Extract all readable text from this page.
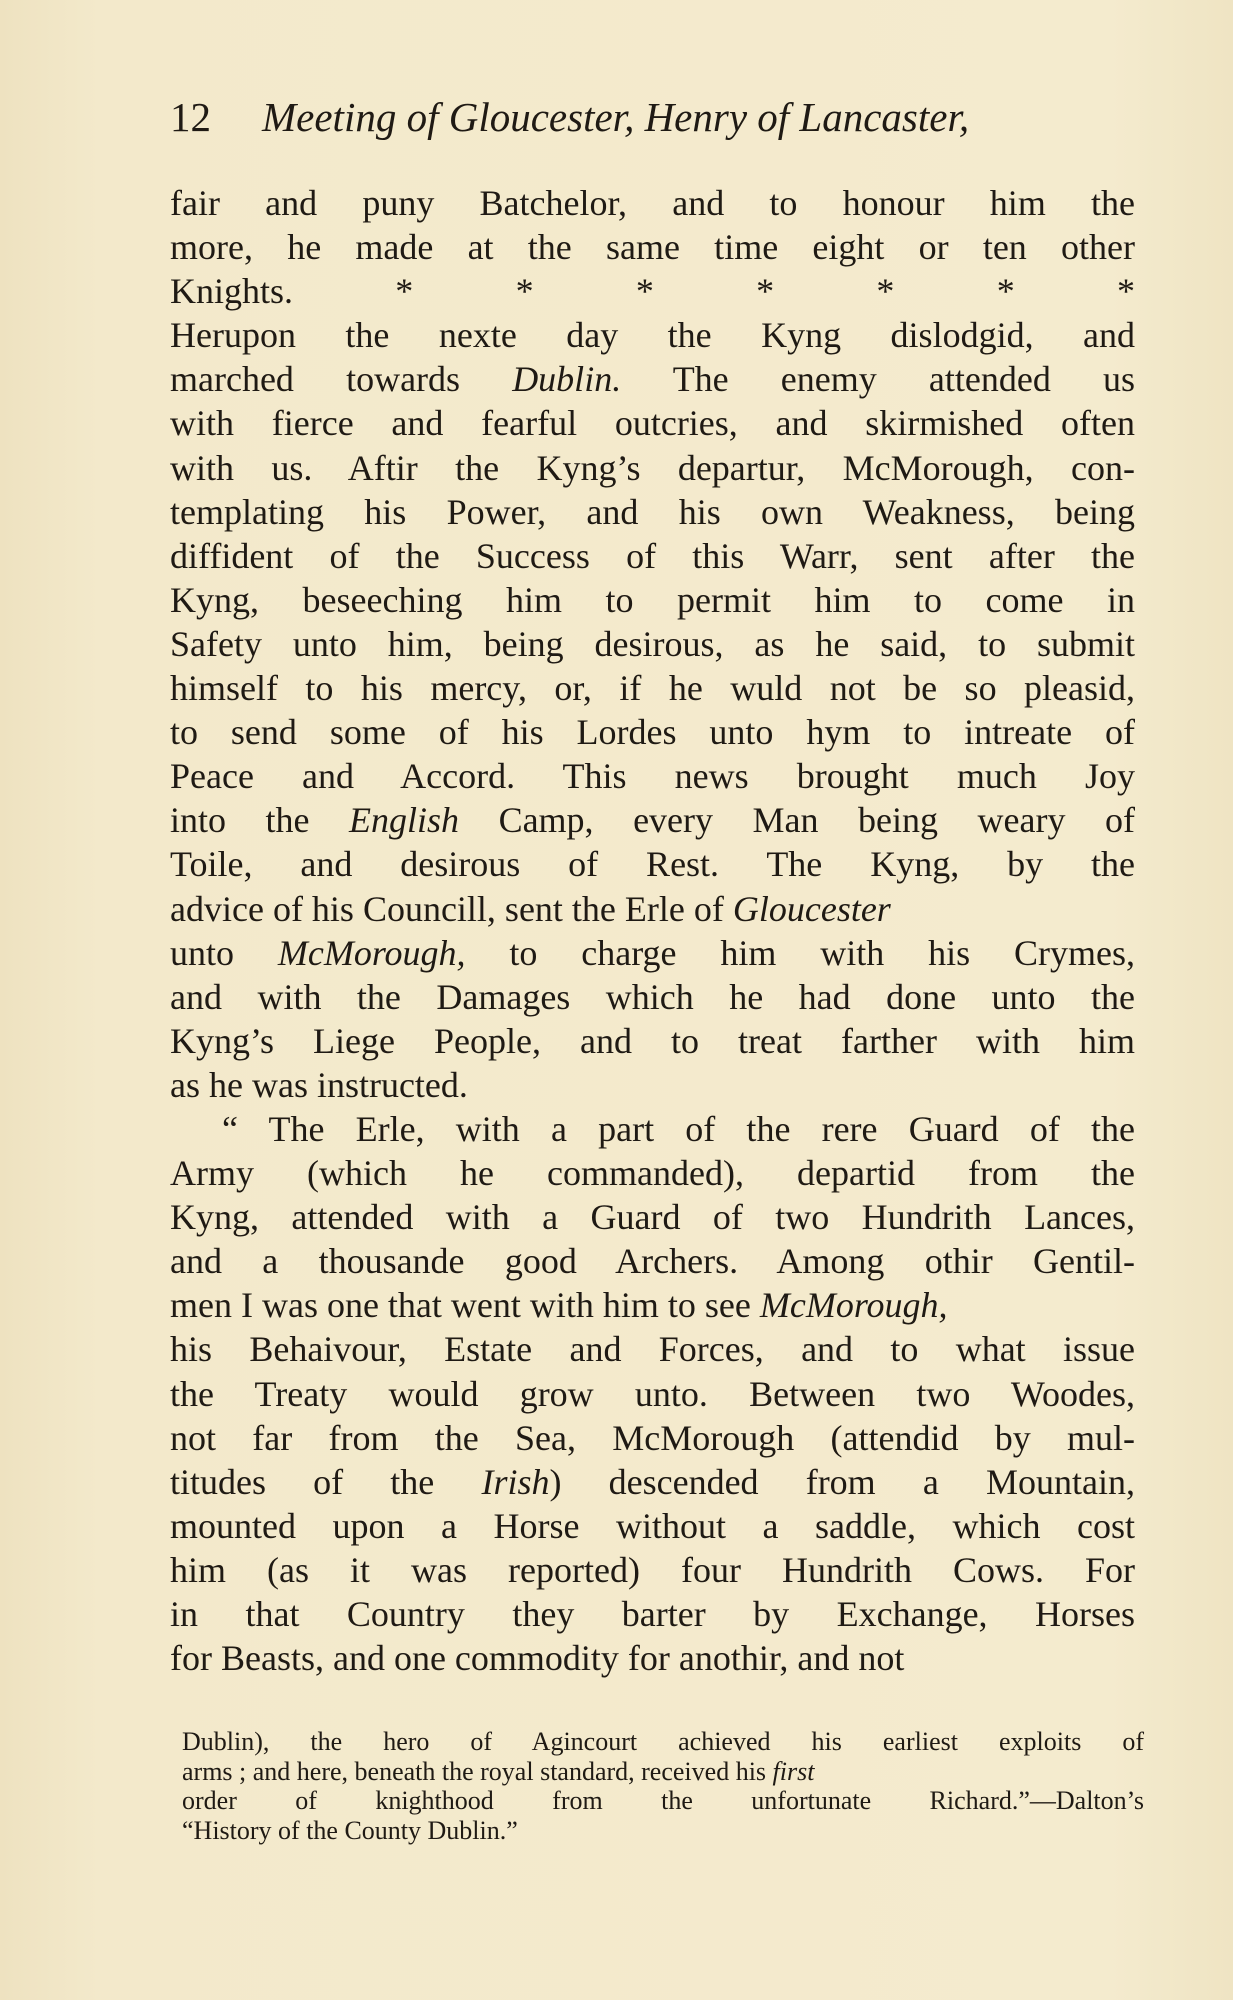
12 Meeting of Gloucester, Henry of Lancaster,
fair and puny Batchelor, and to honour him the
more, he made at the same time eight or ten other
Knights. * * * * * * *
Herupon the nexte day the Kyng dislodgid, and
marched towards Dublin. The enemy attended us
with fierce and fearful outcries, and skirmished often
with us. Aftir the Kyng’s departur, McMorough, con-
templating his Power, and his own Weakness, being
diffident of the Success of this Warr, sent after the
Kyng, beseeching him to permit him to come in
Safety unto him, being desirous, as he said, to submit
himself to his mercy, or, if he wuld not be so pleasid,
to send some of his Lordes unto hym to intreate of
Peace and Accord. This news brought much Joy
into the English Camp, every Man being weary of
Toile, and desirous of Rest. The Kyng, by the
advice of his Councill, sent the Erle of Gloucester
unto McMorough, to charge him with his Crymes,
and with the Damages which he had done unto the
Kyng’s Liege People, and to treat farther with him
as he was instructed.
“ The Erle, with a part of the rere Guard of the
Army (which he commanded), departid from the
Kyng, attended with a Guard of two Hundrith Lances,
and a thousande good Archers. Among othir Gentil-
men I was one that went with him to see McMorough,
his Behaivour, Estate and Forces, and to what issue
the Treaty would grow unto. Between two Woodes,
not far from the Sea, McMorough (attendid by mul-
titudes of the Irish) descended from a Mountain,
mounted upon a Horse without a saddle, which cost
him (as it was reported) four Hundrith Cows. For
in that Country they barter by Exchange, Horses
for Beasts, and one commodity for anothir, and not
Dublin), the hero of Agincourt achieved his earliest exploits of
arms ; and here, beneath the royal standard, received his first
order of knighthood from the unfortunate Richard.”—Dalton’s
“History of the County Dublin.”
